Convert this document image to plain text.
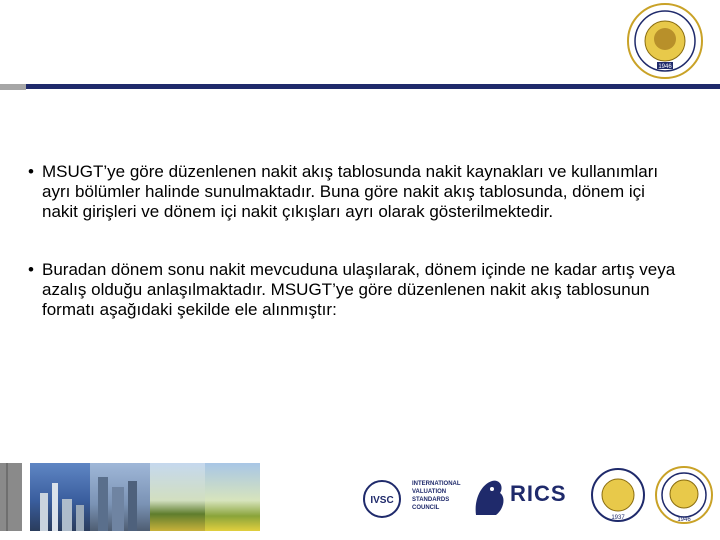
1946
• MSUGT’ye göre düzenlenen nakit akış tablosunda nakit kaynakları ve kullanımları ayrı bölümler halinde sunulmaktadır. Buna göre nakit akış tablosunda, dönem içi nakit girişleri ve dönem içi nakit çıkışları ayrı olarak gösterilmektedir.
• Buradan dönem sonu nakit mevcuduna ulaşılarak, dönem içinde ne kadar artış veya azalış olduğu anlaşılmaktadır. MSUGT’ye göre düzenlenen nakit akış tablosunun formatı aşağıdaki şekilde ele alınmıştır:
IVSC
INTERNATIONAL VALUATION STANDARDS COUNCIL
RICS
1937	1946
